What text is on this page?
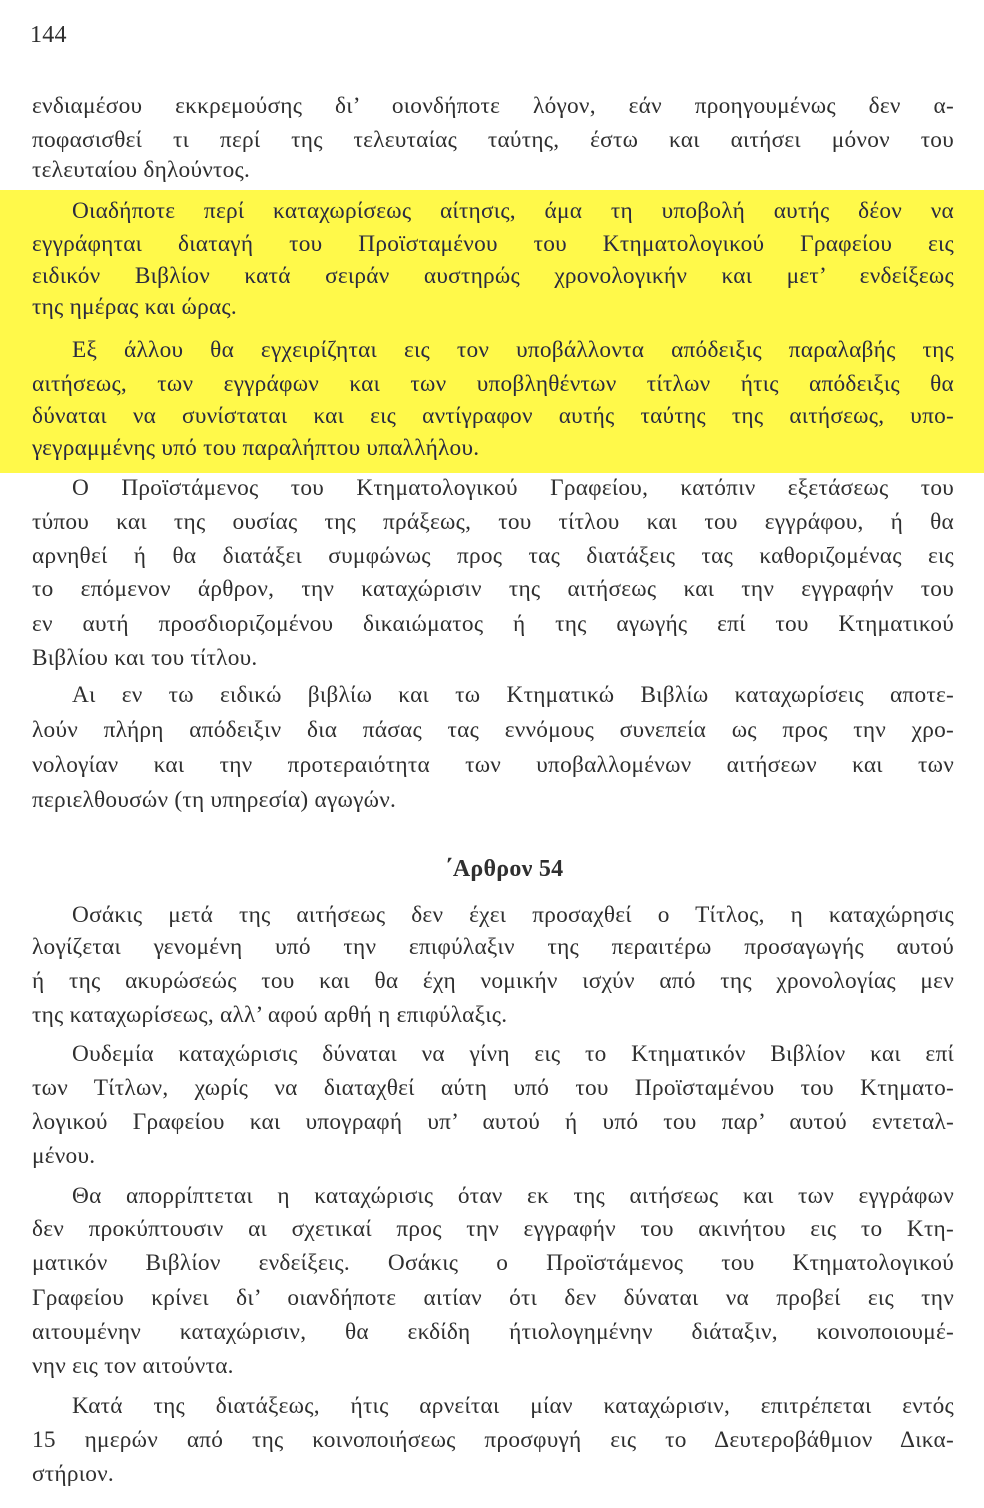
144
ενδιαμέσου εκκρεμούσης δι’ οιονδήποτε λόγον, εάν προηγουμένως δεν α-
ποφασισθεί τι περί της τελευταίας ταύτης, έστω και αιτήσει μόνον του
τελευταίου δηλούντος.
Οιαδήποτε περί καταχωρίσεως αίτησις, άμα τη υποβολή αυτής δέον να
εγγράφηται διαταγή του Προϊσταμένου του Κτηματολογικού Γραφείου εις
ειδικόν Βιβλίον κατά σειράν αυστηρώς χρονολογικήν και μετ’ ενδείξεως
της ημέρας και ώρας.
Εξ άλλου θα εγχειρίζηται εις τον υποβάλλοντα απόδειξις παραλαβής της
αιτήσεως, των εγγράφων και των υποβληθέντων τίτλων ήτις απόδειξις θα
δύναται να συνίσταται και εις αντίγραφον αυτής ταύτης της αιτήσεως, υπο-
γεγραμμένης υπό του παραλήπτου υπαλλήλου.
Ο Προϊστάμενος του Κτηματολογικού Γραφείου, κατόπιν εξετάσεως του
τύπου και της ουσίας της πράξεως, του τίτλου και του εγγράφου, ή θα
αρνηθεί ή θα διατάξει συμφώνως προς τας διατάξεις τας καθοριζομένας εις
το επόμενον άρθρον, την καταχώρισιν της αιτήσεως και την εγγραφήν του
εν αυτή προσδιοριζομένου δικαιώματος ή της αγωγής επί του Κτηματικού
Βιβλίου και του τίτλου.
Αι εν τω ειδικώ βιβλίω και τω Κτηματικώ Βιβλίω καταχωρίσεις αποτε-
λούν πλήρη απόδειξιν δια πάσας τας εννόμους συνεπεία ως προς την χρο-
νολογίαν και την προτεραιότητα των υποβαλλομένων αιτήσεων και των
περιελθουσών (τη υπηρεσία) αγωγών.
΄Αρθρον 54
Οσάκις μετά της αιτήσεως δεν έχει προσαχθεί ο Τίτλος, η καταχώρησις
λογίζεται γενομένη υπό την επιφύλαξιν της περαιτέρω προσαγωγής αυτού
ή της ακυρώσεώς του και θα έχη νομικήν ισχύν από της χρονολογίας μεν
της καταχωρίσεως, αλλ’ αφού αρθή η επιφύλαξις.
Ουδεμία καταχώρισις δύναται να γίνη εις το Κτηματικόν Βιβλίον και επί
των Τίτλων, χωρίς να διαταχθεί αύτη υπό του Προϊσταμένου του Κτηματο-
λογικού Γραφείου και υπογραφή υπ’ αυτού ή υπό του παρ’ αυτού εντεταλ-
μένου.
Θα απορρίπτεται η καταχώρισις όταν εκ της αιτήσεως και των εγγράφων
δεν προκύπτουσιν αι σχετικαί προς την εγγραφήν του ακινήτου εις το Κτη-
ματικόν Βιβλίον ενδείξεις. Οσάκις ο Προϊστάμενος του Κτηματολογικού
Γραφείου κρίνει δι’ οιανδήποτε αιτίαν ότι δεν δύναται να προβεί εις την
αιτουμένην καταχώρισιν, θα εκδίδη ήτιολογημένην διάταξιν, κοινοποιουμέ-
νην εις τον αιτούντα.
Κατά της διατάξεως, ήτις αρνείται μίαν καταχώρισιν, επιτρέπεται εντός
15 ημερών από της κοινοποιήσεως προσφυγή εις το Δευτεροβάθμιον Δικα-
στήριον.
